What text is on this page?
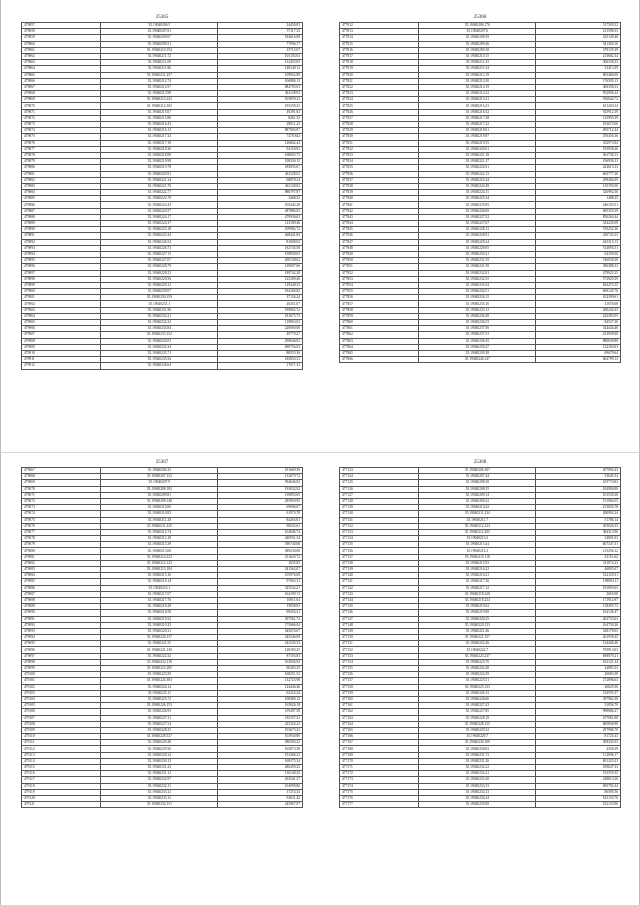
25365
479857	35.19040206.5	24450.03
479858	35.19040207.81	37117.33
479859	35.19040209.07	184616.08
479860	35.19040209.51	77096.17
479861	35.19040210.154	15712.07
479862	35.19040211.72	105103.03
479863	35.19040211.08	132453.03
479864	35.19040211.86	148140.13
479865	35.19040211.257	109052.98
479866	35.19040212.74	106886.13
479867	35.19040212.97	884703.03
479868	35.19040213.98	461128.03
479869	35.19040213.241	103859.23
479870	35.19040214.165	193159.23
479871	35.19040215.67	49291.02
479872	35.19040215.80	8461.33
479873	35.19040216.43	28011.23
479874	35.19040216.13	887903.07
479875	35.19040217.32	7470.842
479876	35.19040217.18	126662.44
479877	35.19040218.36	94150.81
479878	35.19040218.08	168003.73
479879	35.19040219.98	108336.15
479880	35.19040219.78	185835.67
479881	35.19040220.91	461128.03
479882	35.19040221.34	68878.34
479883	35.19040221.76	461128.03
479884	35.19040222.77	886797.87
479885	35.19040222.79	3468.33
479886	35.19040223.43	105442.28
479887	35.19040223.57	487886.03
479888	35.19040224.17	479936.03
479889	35.19040224.37	123109.46
479890	35.19040225.18	109982.72
479891	35.19040225.44	468441.84
479892	35.19040226.54	81690.03
479893	35.19040226.73	182745.58
479894	35.19040227.15	159858.03
479895	35.19040227.07	200138.63
479896	35.19040228.79	139097.66
479897	35.19040228.23	189742.38
479898	35.19040229.56	123109.46
479899	35.19040229.12	129448.33
479900	35.19040230.07	184160.82
479901	35.19040230.159	37134.24
479902	35.19040231.1	26351.07
479903	35.19040231.96	189802.72
479904	35.19040232.21	181675.73
479905	35.19040232.32	119863.03
479906	35.19040233.84	228000.06
479907	35.19040233.152	49779.27
479908	35.19040234.03	299646.82
479909	35.19040234.34	699756.03
479910	35.19040235.71	88553.36
479911	35.19040235.56	185833.33
479912	35.19040236.64	17671.41
25366
477812	35.19040206.176	517595.52
477813	35.19040207.6	121598.33
477814	35.19040208.39	323149.40
477815	35.19040209.46	341360.16
477816	35.19040209.38	379135.39
477817	35.19040210.15	213682.34
477818	35.19040211.23	306338.33
477819	35.19040211.54	33413.39
477820	35.19040212.19	803466.08
477821	35.19040213.50	176595.13
477822	35.19040214.19	306338.33
477823	35.19040214.23	952906.24
477824	35.19040215.41	916044.72
477825	35.19040216.23	611203.34
477826	35.19040216.52	925912.39
477827	35.19040217.28	125993.39
477828	35.19040217.22	163672.06
477829	35.19040218.61	495712.44
477830	35.19040219.87	476456.36
477831	35.19040219.55	352973.84
477832	35.19040220.61	195938.26
477833	35.19040221.18	361736.13
477834	35.19040221.37	196936.33
477835	35.19040222.61	242613.33
477836	35.19040222.13	663777.36
477837	35.19040223.44	298404.09
477838	35.19040224.49	125193.56
477839	35.19040224.11	326992.56
477840	35.19040225.34	1408.25
477841	35.19040225.85	246103.51
477842	35.19040226.69	685355.59
477843	35.19040227.52	856264.44
477844	35.19040227.67	334245.08
477845	35.19040228.13	576252.36
477846	35.19040228.91	230743.33
477847	35.19040229.24	243315.13
477848	35.19040229.05	514895.51
477849	35.19040230.21	64158.56
477850	35.19040231.55	746030.38
477851	35.19040231.58	386388.33
477852	35.19040232.81	479922.25
477853	35.19040232.35	573929.39
477854	35.19040233.34	824273.33
477855	35.19040234.51	669143.76
477856	35.19040234.15	102399.61
477857	35.19040235.16	41076.08
477858	35.19040235.12	268242.33
477859	35.19040236.48	242383.05
477860	35.19040236.53	84527.36
477861	35.19040237.56	324444.46
477862	35.19040237.31	413939.08
477863	35.19040238.45	880658.88
477864	35.19040239.47	132163.63
477865	35.19040239.38	69679.64
477866	35.19040240.147	662799.13
25367
479067	35.19040206.33	181669.39
479068	35.19040207.152	132079.72
479069	35.19040207.9	594646.83
479070	35.19040208.183	193032.92
479071	35.19040209.81	139893.65
479072	35.19040209.148	285950.95
479073	35.19040210.06	69606.67
479074	35.19040210.83	61974.70
479075	35.19040211.28	84263.81
479076	35.19040211.225	98232.61
479077	35.19040212.74	162846.74
479078	35.19040212.18	440931.34
479079	35.19040213.39	390740.68
479080	35.19040213.06	389230.08
479081	35.19040214.223	231620.72
479082	35.19040214.125	1655.83
479083	35.19040215.104	341562.07
479084	35.19040215.16	105976.08
479085	35.19040216.14	97663.31
479086	35.19040216.1	325542.21
479087	35.19040217.07	164199.13
479088	35.19040217.76	10911.64
479089	35.19040218.28	15838.83
479090	35.19040218.58	99454.21
479091	35.19040219.52	307561.72
479092	35.19040219.25	175666.04
479093	35.19040220.31	345674.67
479094	35.19040220.137	245346.69
479095	35.19040221.55	242545.53
479096	35.19040221.130	128183.25
479097	35.19040222.32	87103.83
479098	35.19040222.119	163056.94
479099	35.19040223.185	90403.35
479100	35.19040223.50	168251.53
479101	35.19040224.303	132723.98
479102	35.19040224.14	124446.46
479103	35.19040225.11	62224.24
479104	35.19040225.72	108380.12
479105	35.19040226.153	165826.18
479106	35.19040226.93	159497.58
479107	35.19040227.31	181157.33
479108	35.19040227.54	223324.22
479109	35.19040228.25	103673.23
479110	35.19040228.337	103930.80
479111	35.19040229.48	380503.23
479112	35.19040229.56	165873.38
479113	35.19040230.14	191466.23
479114	35.19040230.15	168375.34
479115	35.19040231.23	280459.23
479116	35.19040231.12	136148.45
479117	35.19040232.97	263541.27
479118	35.19040232.11	104090.80
479119	35.19040233.12	37274.34
479120	35.19040233.11	93631.42
479121	35.19040234.151	245967.07
25368
477123	35.19040206.107	207894.43
477124	35.19040207.44	33645.34
477125	35.19040208.38	105774.83
477126	35.19040208.35	104994.80
477127	35.19040209.14	101539.38
477128	35.19040209.22	151064.55
477129	35.19040210.42	213826.78
477130	35.19040211.234	280992.24
477131	35.19040211.7	51786.14
477132	35.19040212.223	305026.33
477133	35.19040212.305	384313.96
477134	35.19040213.3	54801.03
477135	35.19040213.44	607347.51
477136	35.19040214.3	115256.12
477137	35.19040215.118	23151.62
477138	35.19040215.93	311074.23
477139	35.19040216.22	46805.07
477140	35.19040216.41	512129.31
477141	35.19040217.26	108094.11
477142	35.19040217.12	181893.63
477143	35.19040218.228	3663.08
477144	35.19040218.254	171914.97
477145	35.19040219.62	118495.73
477146	35.19040219.08	164146.47
477147	35.19040220.25	402753.63
477148	35.19040220.133	164750.26
477149	35.19040221.46	528178.05
477150	35.19040221.157	261939.43
477151	35.19040222.46	124446.46
477152	35.19040222.7	570913.03
477153	35.19040223.237	698079.21
477154	35.19040223.76	612121.34
477155	35.19040224.28	24883.33
477156	35.19040224.39	26683.38
477157	35.19040225.51	272896.63
477158	35.19040225.133	26629.36
477159	35.19040226.13	514595.37
477160	35.19040226.66	397962.38
477161	35.19040227.43	31856.79
477162	35.19040227.85	998886.27
477163	35.19040228.19	107961.88
477164	35.19040228.135	685856.98
477165	35.19040229.32	297986.70
477166	35.19040229.7	81725.43
477167	35.19040230.109	308330.33
477168	35.19040230.63	2356.39
477169	35.19040231.72	112696.17
477170	35.19040231.26	801225.23
477171	35.19040232.22	259647.33
477172	35.19040232.41	513559.33
477173	35.19040233.20	248613.30
477174	35.19040233.33	695792.44
477175	35.19040234.13	86585.56
477176	35.19040234.24	523133.76
477177	35.19040235.08	523133.96
